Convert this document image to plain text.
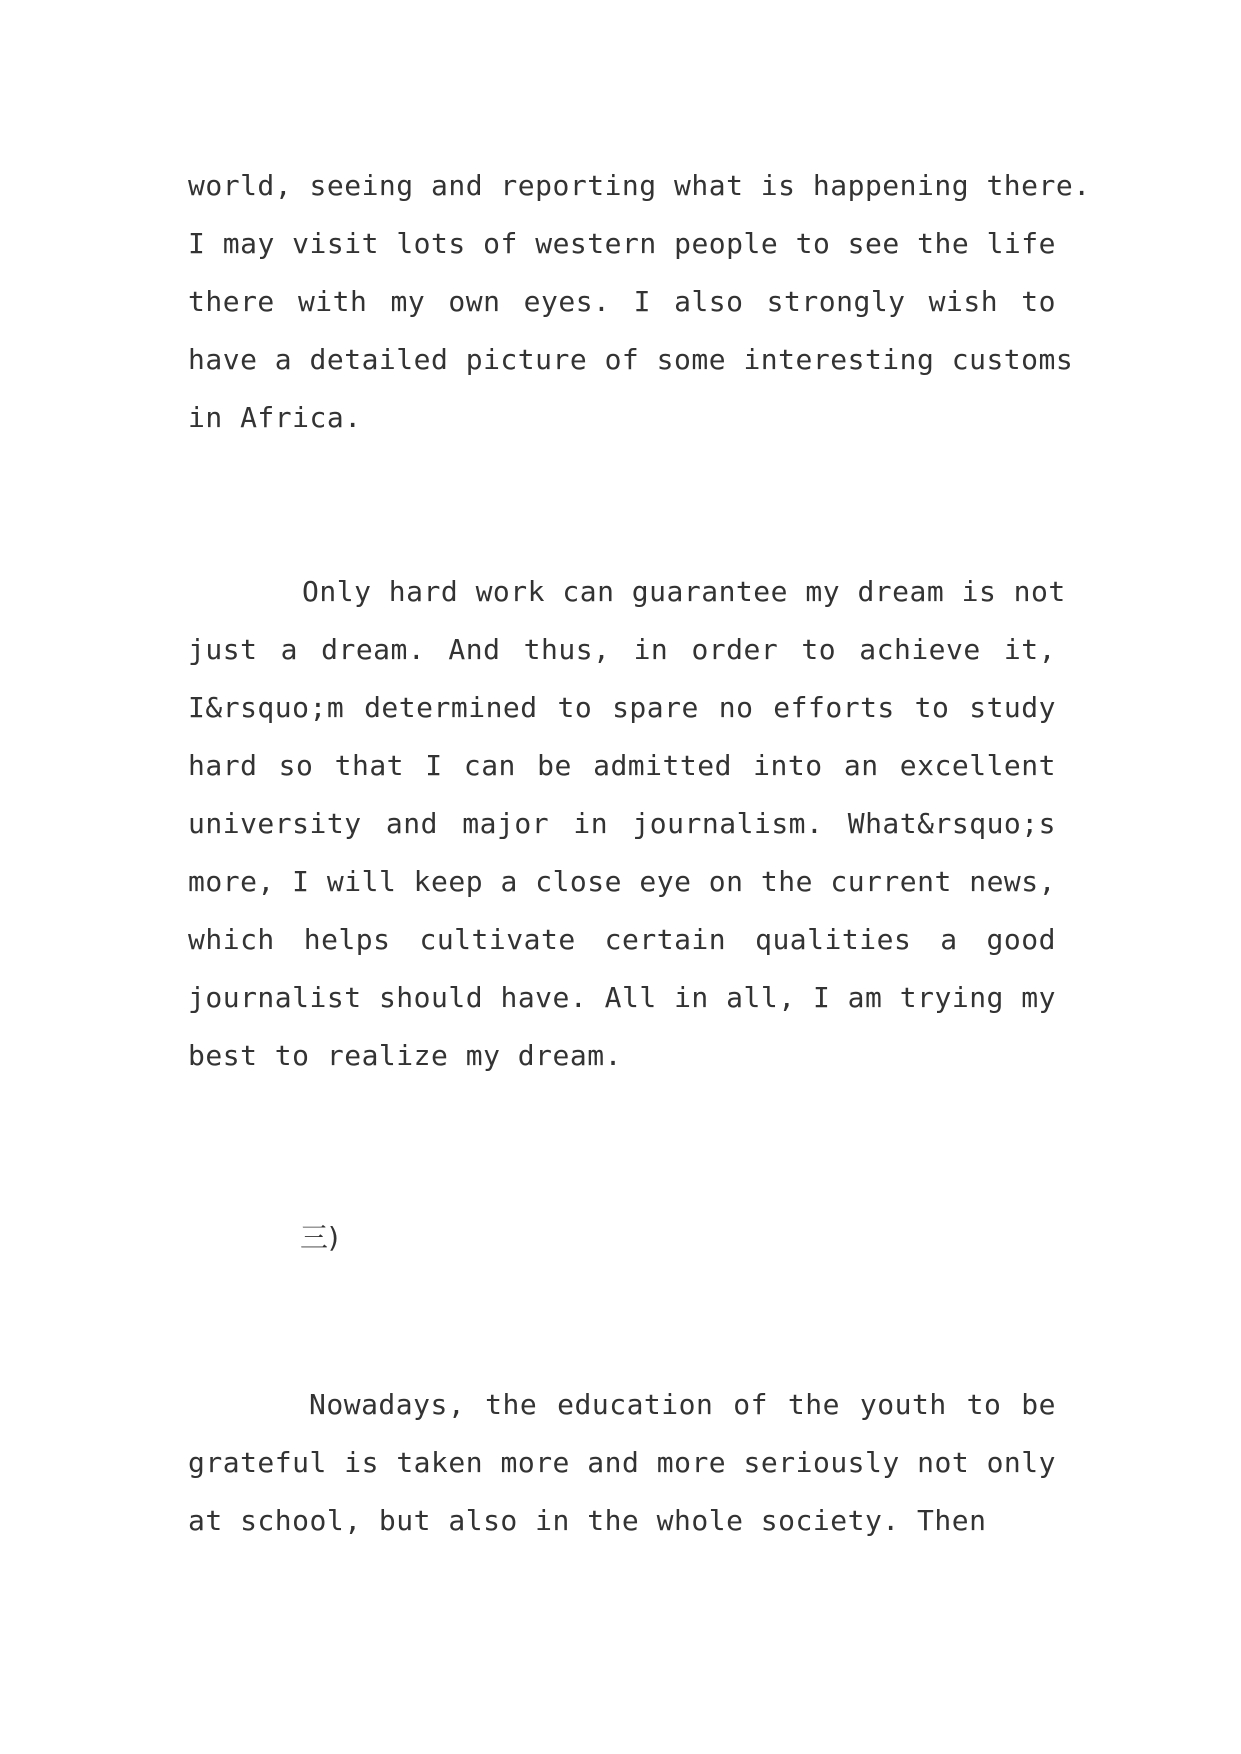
world, seeing and reporting what is happening there.

I may visit lots of western people to see the life

there with my own eyes. I also strongly wish to

have a detailed picture of some interesting customs

in Africa.

Only hard work can guarantee my dream is not

just a dream. And thus, in order to achieve it,

I&rsquo;m determined to spare no efforts to study

hard so that I can be admitted into an excellent

university and major in journalism. What&rsquo;s

more, I will keep a close eye on the current news,

which helps cultivate certain qualities a good

journalist should have. All in all, I am trying my

best to realize my dream.

三)

Nowadays, the education of the youth to be

grateful is taken more and more seriously not only

at school, but also in the whole society. Then
